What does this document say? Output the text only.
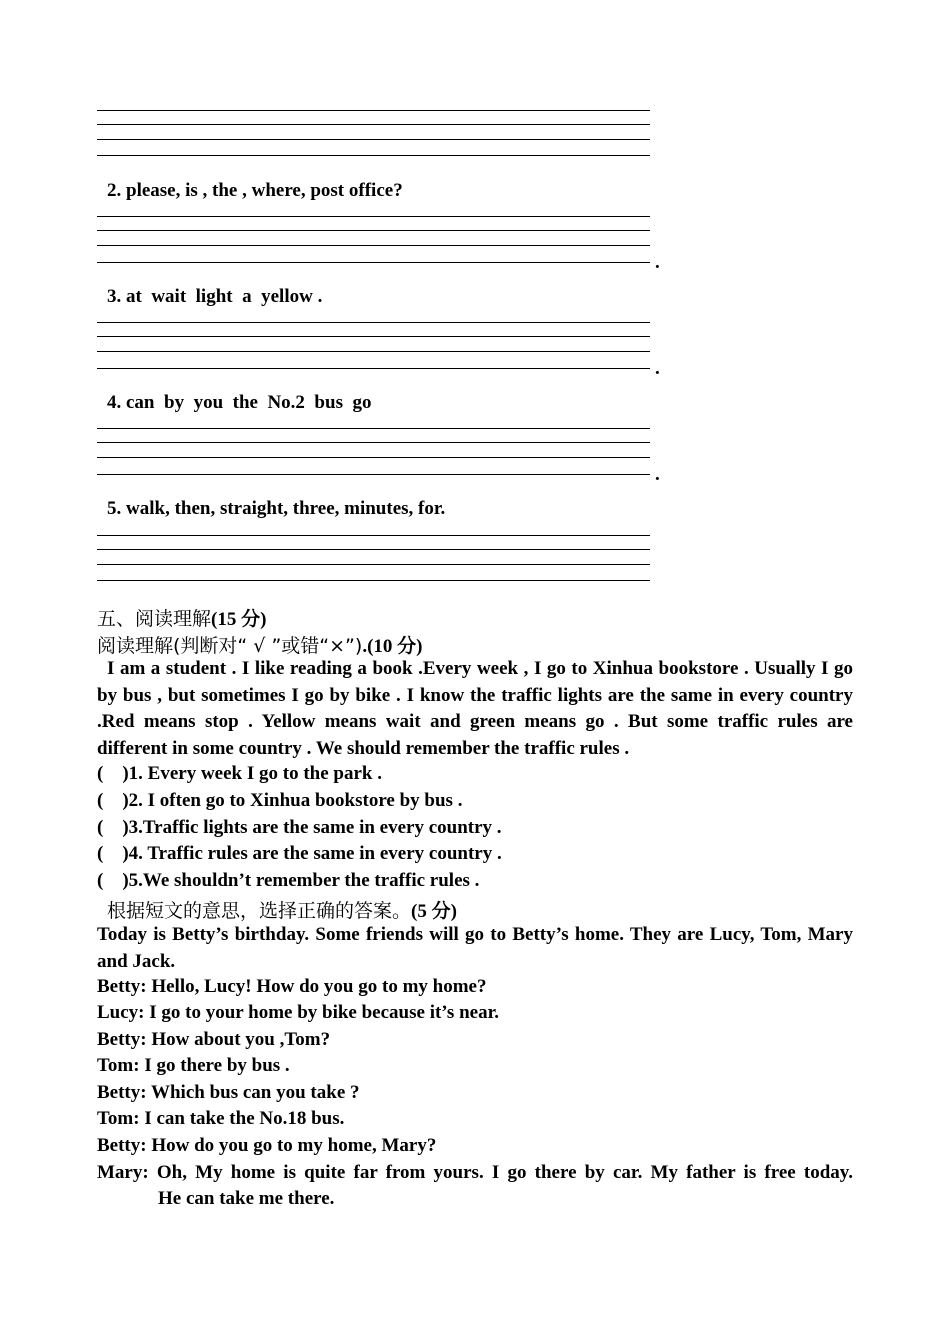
2. please, is , the , where, post office?
.
3. at  wait  light  a  yellow .
.
4. can  by  you  the  No.2  bus  go
.
5. walk, then, straight, three, minutes, for.
五、阅读理解(15 分)
阅读理解(判断对“ √ ”或错“×”).(10 分)
I am a student . I like reading a book .Every week , I go to Xinhua bookstore . Usually I go by bus , but sometimes I go by bike . I know the traffic lights are the same in every country .Red means stop . Yellow means wait and green means go . But some traffic rules are different in some country . We should remember the traffic rules .
(    )1. Every week I go to the park .
(    )2. I often go to Xinhua bookstore by bus .
(    )3.Traffic lights are the same in every country .
(    )4. Traffic rules are the same in every country .
(    )5.We shouldn’t remember the traffic rules .
根据短文的意思，选择正确的答案。(5 分)
Today is Betty’s birthday. Some friends will go to Betty’s home. They are Lucy, Tom, Mary and Jack.
Betty: Hello, Lucy! How do you go to my home?
Lucy: I go to your home by bike because it’s near.
Betty: How about you ,Tom?
Tom: I go there by bus .
Betty: Which bus can you take ?
Tom: I can take the No.18 bus.
Betty: How do you go to my home, Mary?
Mary: Oh, My home is quite far from yours. I go there by car. My father is free today.
He can take me there.
